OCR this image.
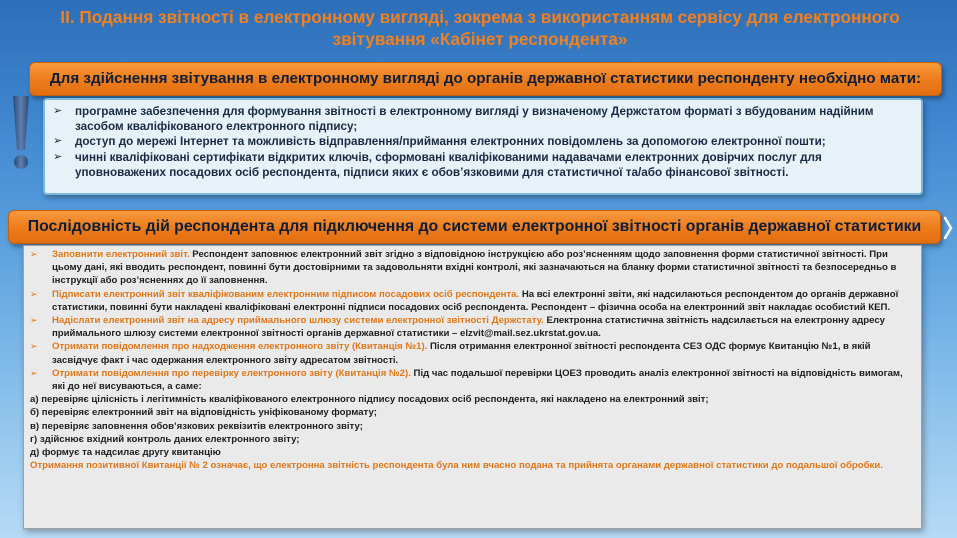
ІІ. Подання звітності в електронному вигляді, зокрема з використанням сервісу для електронного звітування «Кабінет респондента»
Для здійснення звітування в електронному вигляді до органів державної статистики респонденту необхідно мати:
➢ програмне забезпечення для формування звітності в електронному вигляді у визначеному Держстатом форматі з вбудованим надійним засобом кваліфікованого електронного підпису;
➢ доступ до мережі Інтернет та можливість відправлення/приймання електронних повідомлень за допомогою електронної пошти;
➢ чинні кваліфіковані сертифікати відкритих ключів, сформовані кваліфікованими надавачами електронних довірчих послуг для уповноважених посадових осіб респондента, підписи яких є обов’язковими для статистичної та/або фінансової звітності.
Послідовність дій респондента для підключення до системи електронної звітності органів державної статистики
➢ Заповнити електронний звіт. Респондент заповнює електронний звіт згідно з відповідною інструкцією або роз’ясненням щодо заповнення форми статистичної звітності. При цьому дані, які вводить респондент, повинні бути достовірними та задовольняти вхідні контролі, які зазначаються на бланку форми статистичної звітності та безпосередньо в інструкції або роз’ясненнях до її заповнення.
➢ Підписати електронний звіт кваліфікованим електронним підписом посадових осіб респондента. На всі електронні звіти, які надсилаються респондентом до органів державної статистики, повинні бути накладені кваліфіковані електронні підписи посадових осіб респондента. Респондент – фізична особа на електронний звіт накладає особистий КЕП.
➢ Надіслати електронний звіт на адресу приймального шлюзу системи електронної звітності Держстату. Електронна статистична звітність надсилається на електронну адресу приймального шлюзу системи електронної звітності органів державної статистики – elzvit@mail.sez.ukrstat.gov.ua.
➢ Отримати повідомлення про надходження електронного звіту (Квитанція №1). Після отримання електронної звітності респондента СЕЗ ОДС формує Квитанцію №1, в якій засвідчує факт і час одержання електронного звіту адресатом звітності.
➢ Отримати повідомлення про перевірку електронного звіту (Квитанція №2). Під час подальшої перевірки ЦОЕЗ проводить аналіз електронної звітності на відповідність вимогам, які до неї висуваються, а саме:
а) перевіряє цілісність і легітимність кваліфікованого електронного підпису посадових осіб респондента, які накладено на електронний звіт;
б) перевіряє електронний звіт на відповідність уніфікованому формату;
в) перевіряє заповнення обов’язкових реквізитів електронного звіту;
г) здійснює вхідний контроль даних електронного звіту;
д) формує та надсилає другу квитанцію
Отримання позитивної Квитанції № 2 означає, що електронна звітність респондента була ним вчасно подана та прийнята органами державної статистики до подальшої обробки.
